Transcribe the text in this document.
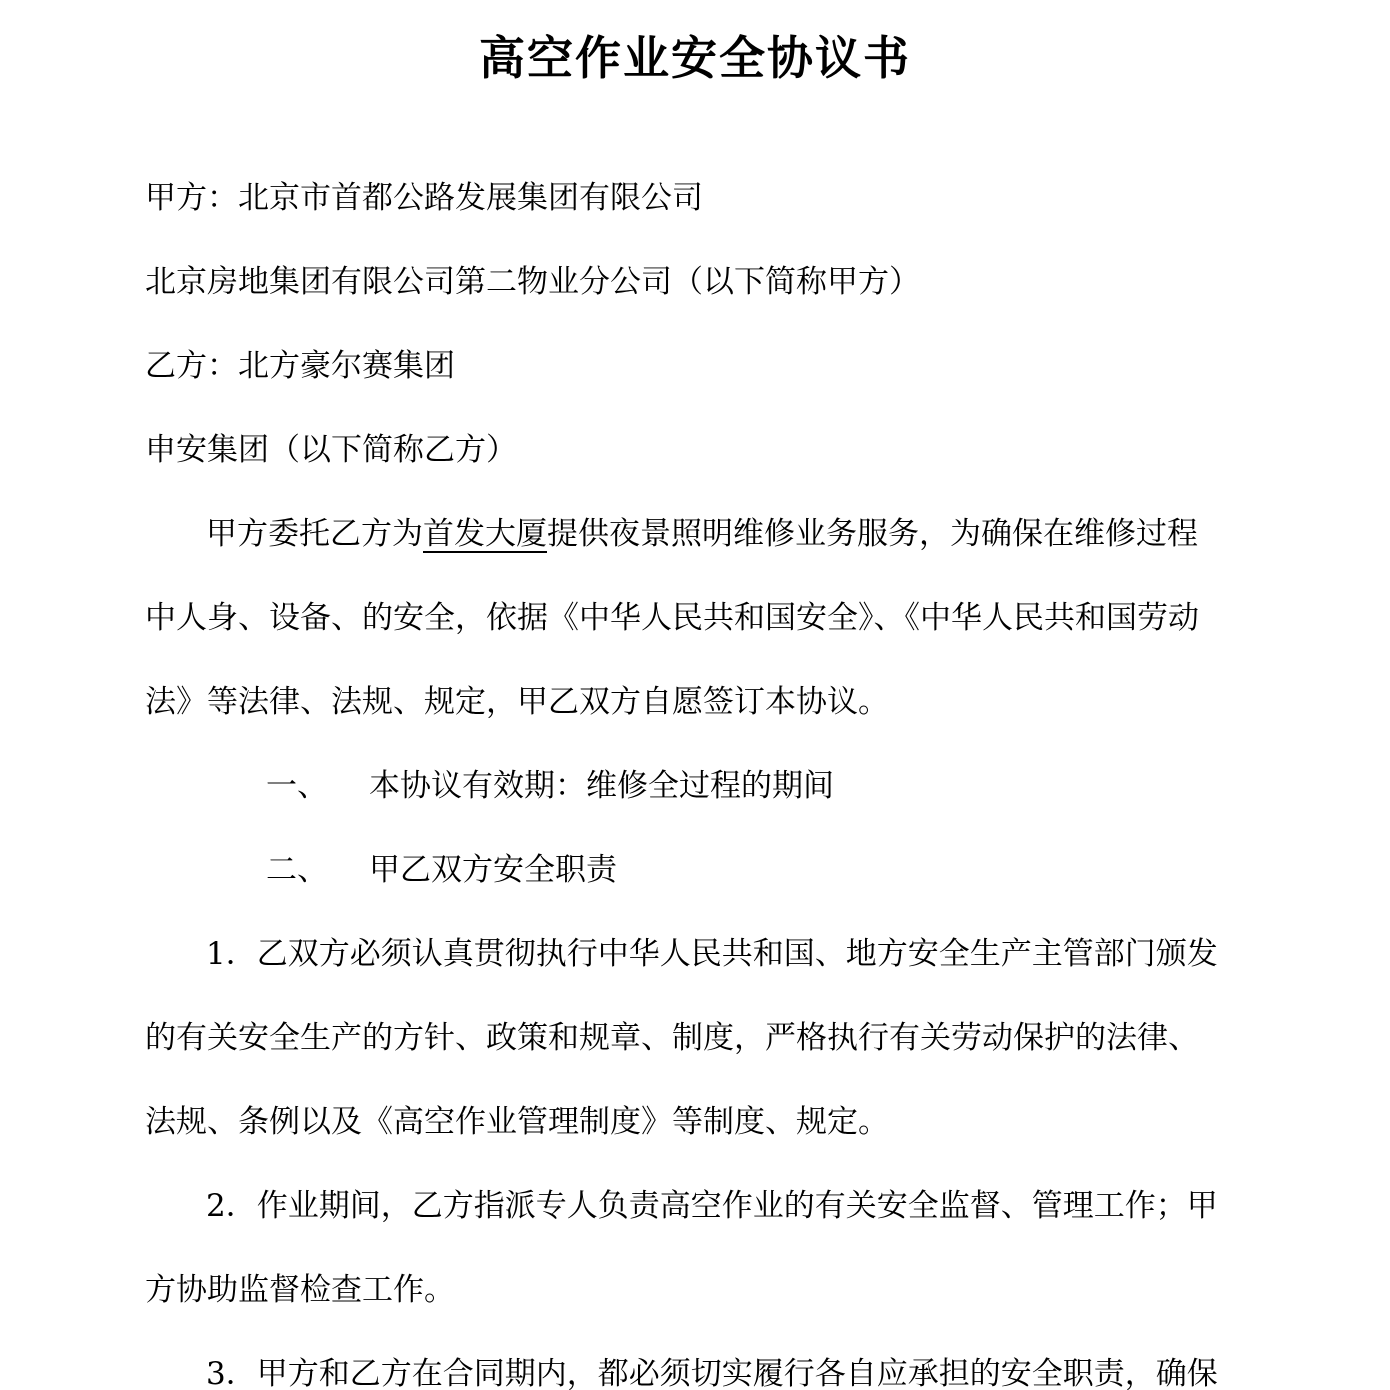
高空作业安全协议书
甲方：北京市首都公路发展集团有限公司
北京房地集团有限公司第二物业分公司（以下简称甲方）
乙方：北方豪尔赛集团
申安集团（以下简称乙方）
甲方委托乙方为首发大厦提供夜景照明维修业务服务，为确保在维修过程
中人身、设备、的安全，依据《中华人民共和国安全》、《中华人民共和国劳动
法》等法律、法规、规定，甲乙双方自愿签订本协议。
一、 本协议有效期：维修全过程的期间
二、 甲乙双方安全职责
1．乙双方必须认真贯彻执行中华人民共和国、地方安全生产主管部门颁发
的有关安全生产的方针、政策和规章、制度，严格执行有关劳动保护的法律、
法规、条例以及《高空作业管理制度》等制度、规定。
2．作业期间，乙方指派专人负责高空作业的有关安全监督、管理工作；甲
方协助监督检查工作。
3．甲方和乙方在合同期内，都必须切实履行各自应承担的安全职责，确保
